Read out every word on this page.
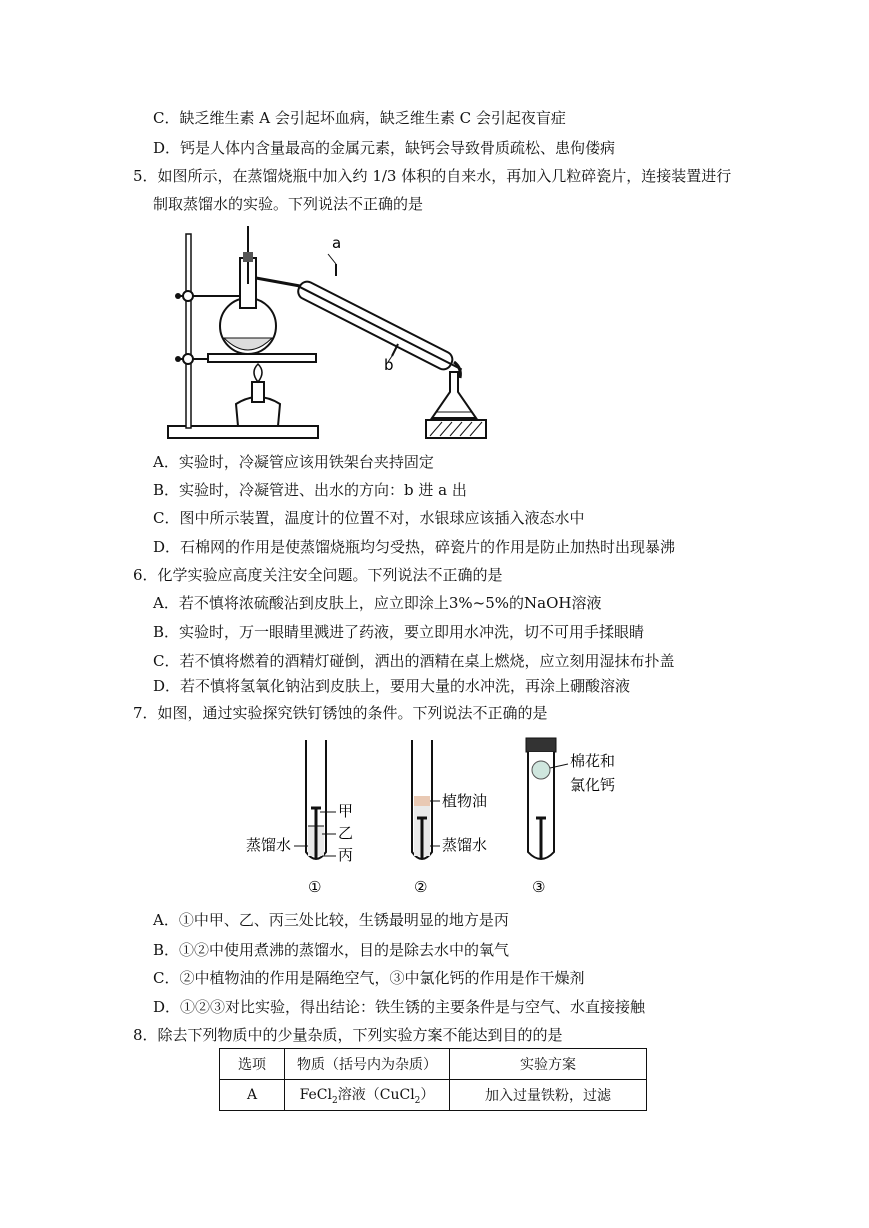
C．缺乏维生素 A 会引起坏血病，缺乏维生素 C 会引起夜盲症
D．钙是人体内含量最高的金属元素，缺钙会导致骨质疏松、患佝偻病
5．如图所示，在蒸馏烧瓶中加入约 1/3 体积的自来水，再加入几粒碎瓷片，连接装置进行
制取蒸馏水的实验。下列说法不正确的是
a
b
A．实验时，冷凝管应该用铁架台夹持固定
B．实验时，冷凝管进、出水的方向：b 进 a 出
C．图中所示装置，温度计的位置不对，水银球应该插入液态水中
D．石棉网的作用是使蒸馏烧瓶均匀受热，碎瓷片的作用是防止加热时出现暴沸
6．化学实验应高度关注安全问题。下列说法不正确的是
A．若不慎将浓硫酸沾到皮肤上，应立即涂上3%~5%的NaOH溶液
B．实验时，万一眼睛里溅进了药液，要立即用水冲洗，切不可用手揉眼睛
C．若不慎将燃着的酒精灯碰倒，洒出的酒精在桌上燃烧，应立刻用湿抹布扑盖
D．若不慎将氢氧化钠沾到皮肤上，要用大量的水冲洗，再涂上硼酸溶液
7．如图，通过实验探究铁钉锈蚀的条件。下列说法不正确的是
甲
乙
丙
蒸馏水
①
植物油
蒸馏水
②
棉花和
氯化钙
③
A．①中甲、乙、丙三处比较，生锈最明显的地方是丙
B．①②中使用煮沸的蒸馏水，目的是除去水中的氧气
C．②中植物油的作用是隔绝空气，③中氯化钙的作用是作干燥剂
D．①②③对比实验，得出结论：铁生锈的主要条件是与空气、水直接接触
8．除去下列物质中的少量杂质，下列实验方案不能达到目的的是
选项	物质（括号内为杂质）	实验方案
A	FeCl$_2$溶液（CuCl$_2$）	加入过量铁粉，过滤
